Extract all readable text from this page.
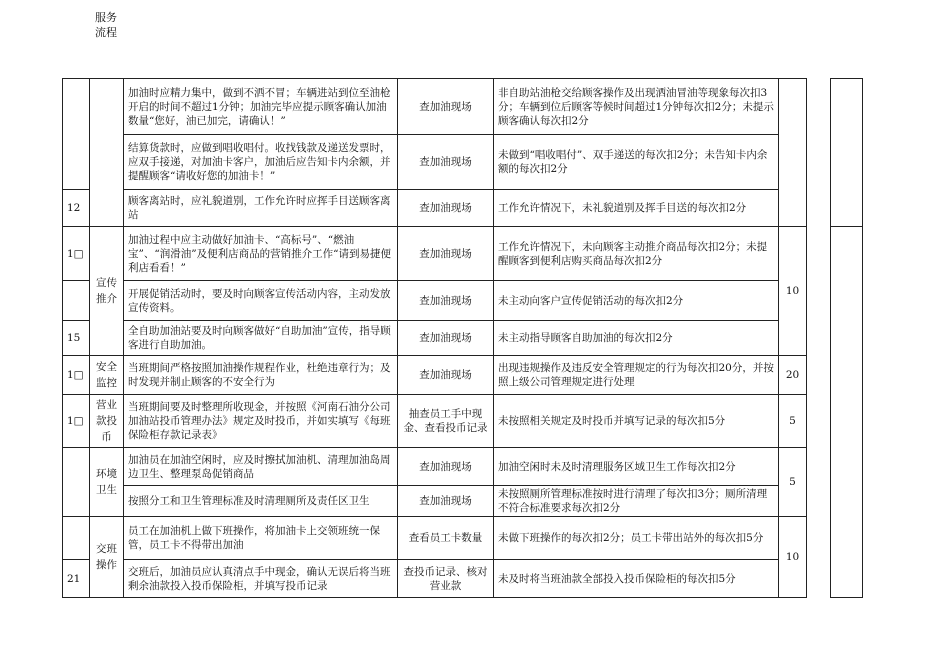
服务流程
		加油时应精力集中，做到不洒不冒；车辆进站到位至油枪开启的时间不超过1分钟；加油完毕应提示顾客确认加油数量“您好，油已加完，请确认！”	查加油现场	非自助站油枪交给顾客操作及出现洒油冒油等现象每次扣3分；车辆到位后顾客等候时间超过1分钟每次扣2分；未提示顾客确认每次扣2分			
		结算货款时，应做到唱收唱付。收找钱款及递送发票时，应双手接递，对加油卡客户，加油后应告知卡内余额，并提醒顾客“请收好您的加油卡！”	查加油现场	未做到“唱收唱付”、双手递送的每次扣2分；未告知卡内余额的每次扣2分			
12		顾客离站时，应礼貌道别，工作允许时应挥手目送顾客离站	查加油现场	工作允许情况下，未礼貌道别及挥手目送的每次扣2分			
1□	宣传推介	加油过程中应主动做好加油卡、“高标号”、“燃油宝”、“润滑油”及便利店商品的营销推介工作“请到易捷便利店看看！”	查加油现场	工作允许情况下，未向顾客主动推介商品每次扣2分；未提醒顾客到便利店购买商品每次扣2分	10		
		开展促销活动时，要及时向顾客宣传活动内容，主动发放宣传资料。	查加油现场	未主动向客户宣传促销活动的每次扣2分			
15		全自助加油站要及时向顾客做好“自助加油”宣传，指导顾客进行自助加油。	查加油现场	未主动指导顾客自助加油的每次扣2分			
1□	安全监控	当班期间严格按照加油操作规程作业，杜绝违章行为；及时发现并制止顾客的不安全行为	查加油现场	出现违规操作及违反安全管理规定的行为每次扣20分，并按照上级公司管理规定进行处理	20		
1□	营业款投币	当班期间要及时整理所收现金，并按照《河南石油分公司加油站投币管理办法》规定及时投币，并如实填写《每班保险柜存款记录表》	抽查员工手中现金、查看投币记录	未按照相关规定及时投币并填写记录的每次扣5分	5		
	环境卫生	加油员在加油空闲时，应及时擦拭加油机、清理加油岛周边卫生、整理泵岛促销商品	查加油现场	加油空闲时未及时清理服务区域卫生工作每次扣2分	5		
		按照分工和卫生管理标准及时清理厕所及责任区卫生	查加油现场	未按照厕所管理标准按时进行清理了每次扣3分；厕所清理不符合标准要求每次扣2分			
	交班操作	员工在加油机上做下班操作，将加油卡上交领班统一保管，员工卡不得带出加油	查看员工卡数量	未做下班操作的每次扣2分；员工卡带出站外的每次扣5分	10		
21		交班后，加油员应认真清点手中现金，确认无误后将当班剩余油款投入投币保险柜，并填写投币记录	查投币记录、核对营业款	未及时将当班油款全部投入投币保险柜的每次扣5分			
